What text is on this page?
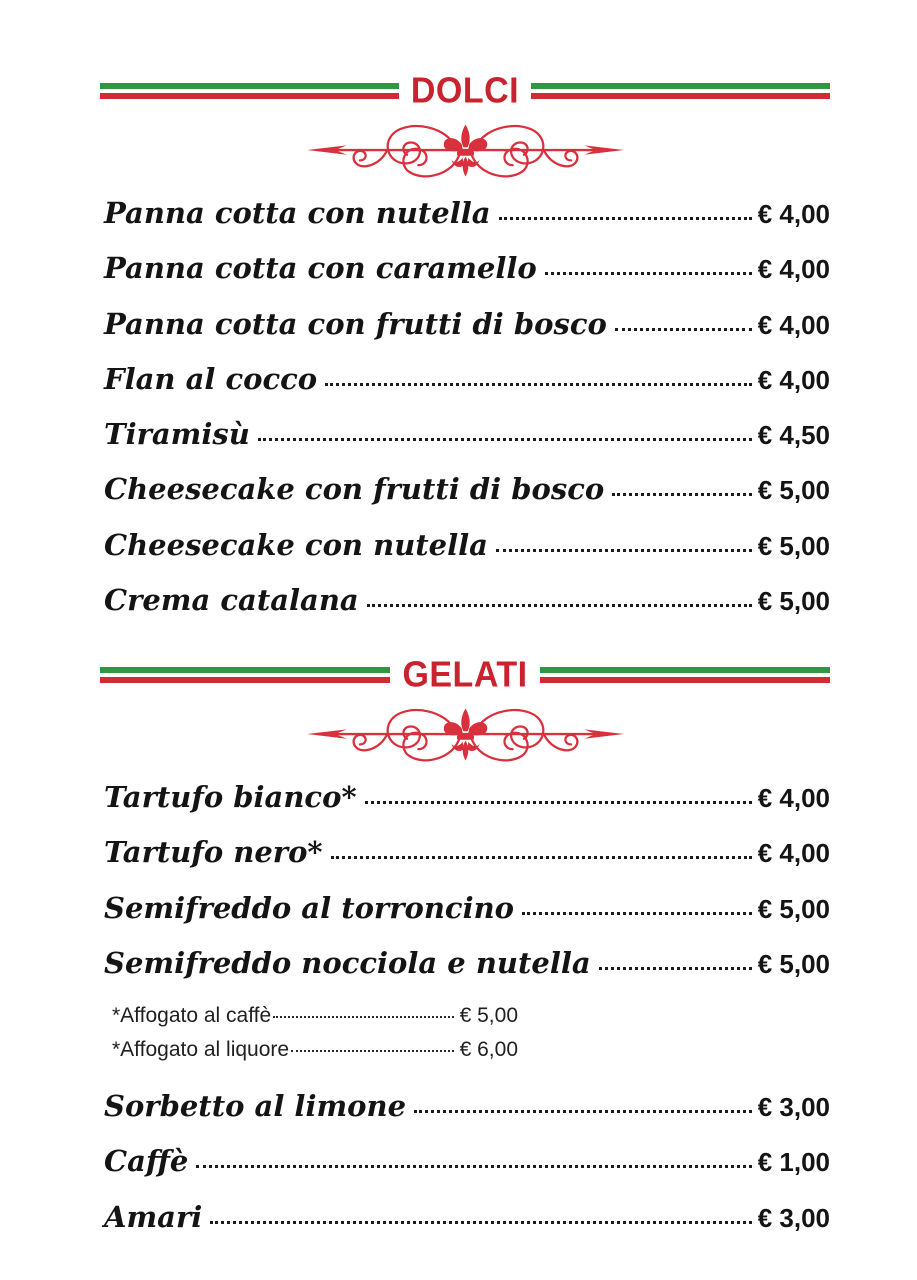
DOLCI
Panna cotta con nutella	€ 4,00
Panna cotta con caramello	€ 4,00
Panna cotta con frutti di bosco	€ 4,00
Flan al cocco	€ 4,00
Tiramisù	€ 4,50
Cheesecake con frutti di bosco	€ 5,00
Cheesecake con nutella	€ 5,00
Crema catalana	€ 5,00
GELATI
Tartufo bianco*	€ 4,00
Tartufo nero*	€ 4,00
Semifreddo al torroncino	€ 5,00
Semifreddo nocciola e nutella	€ 5,00
*Affogato al caffè	€ 5,00
*Affogato al liquore	€ 6,00
Sorbetto al limone	€ 3,00
Caffè	€ 1,00
Amari	€ 3,00
